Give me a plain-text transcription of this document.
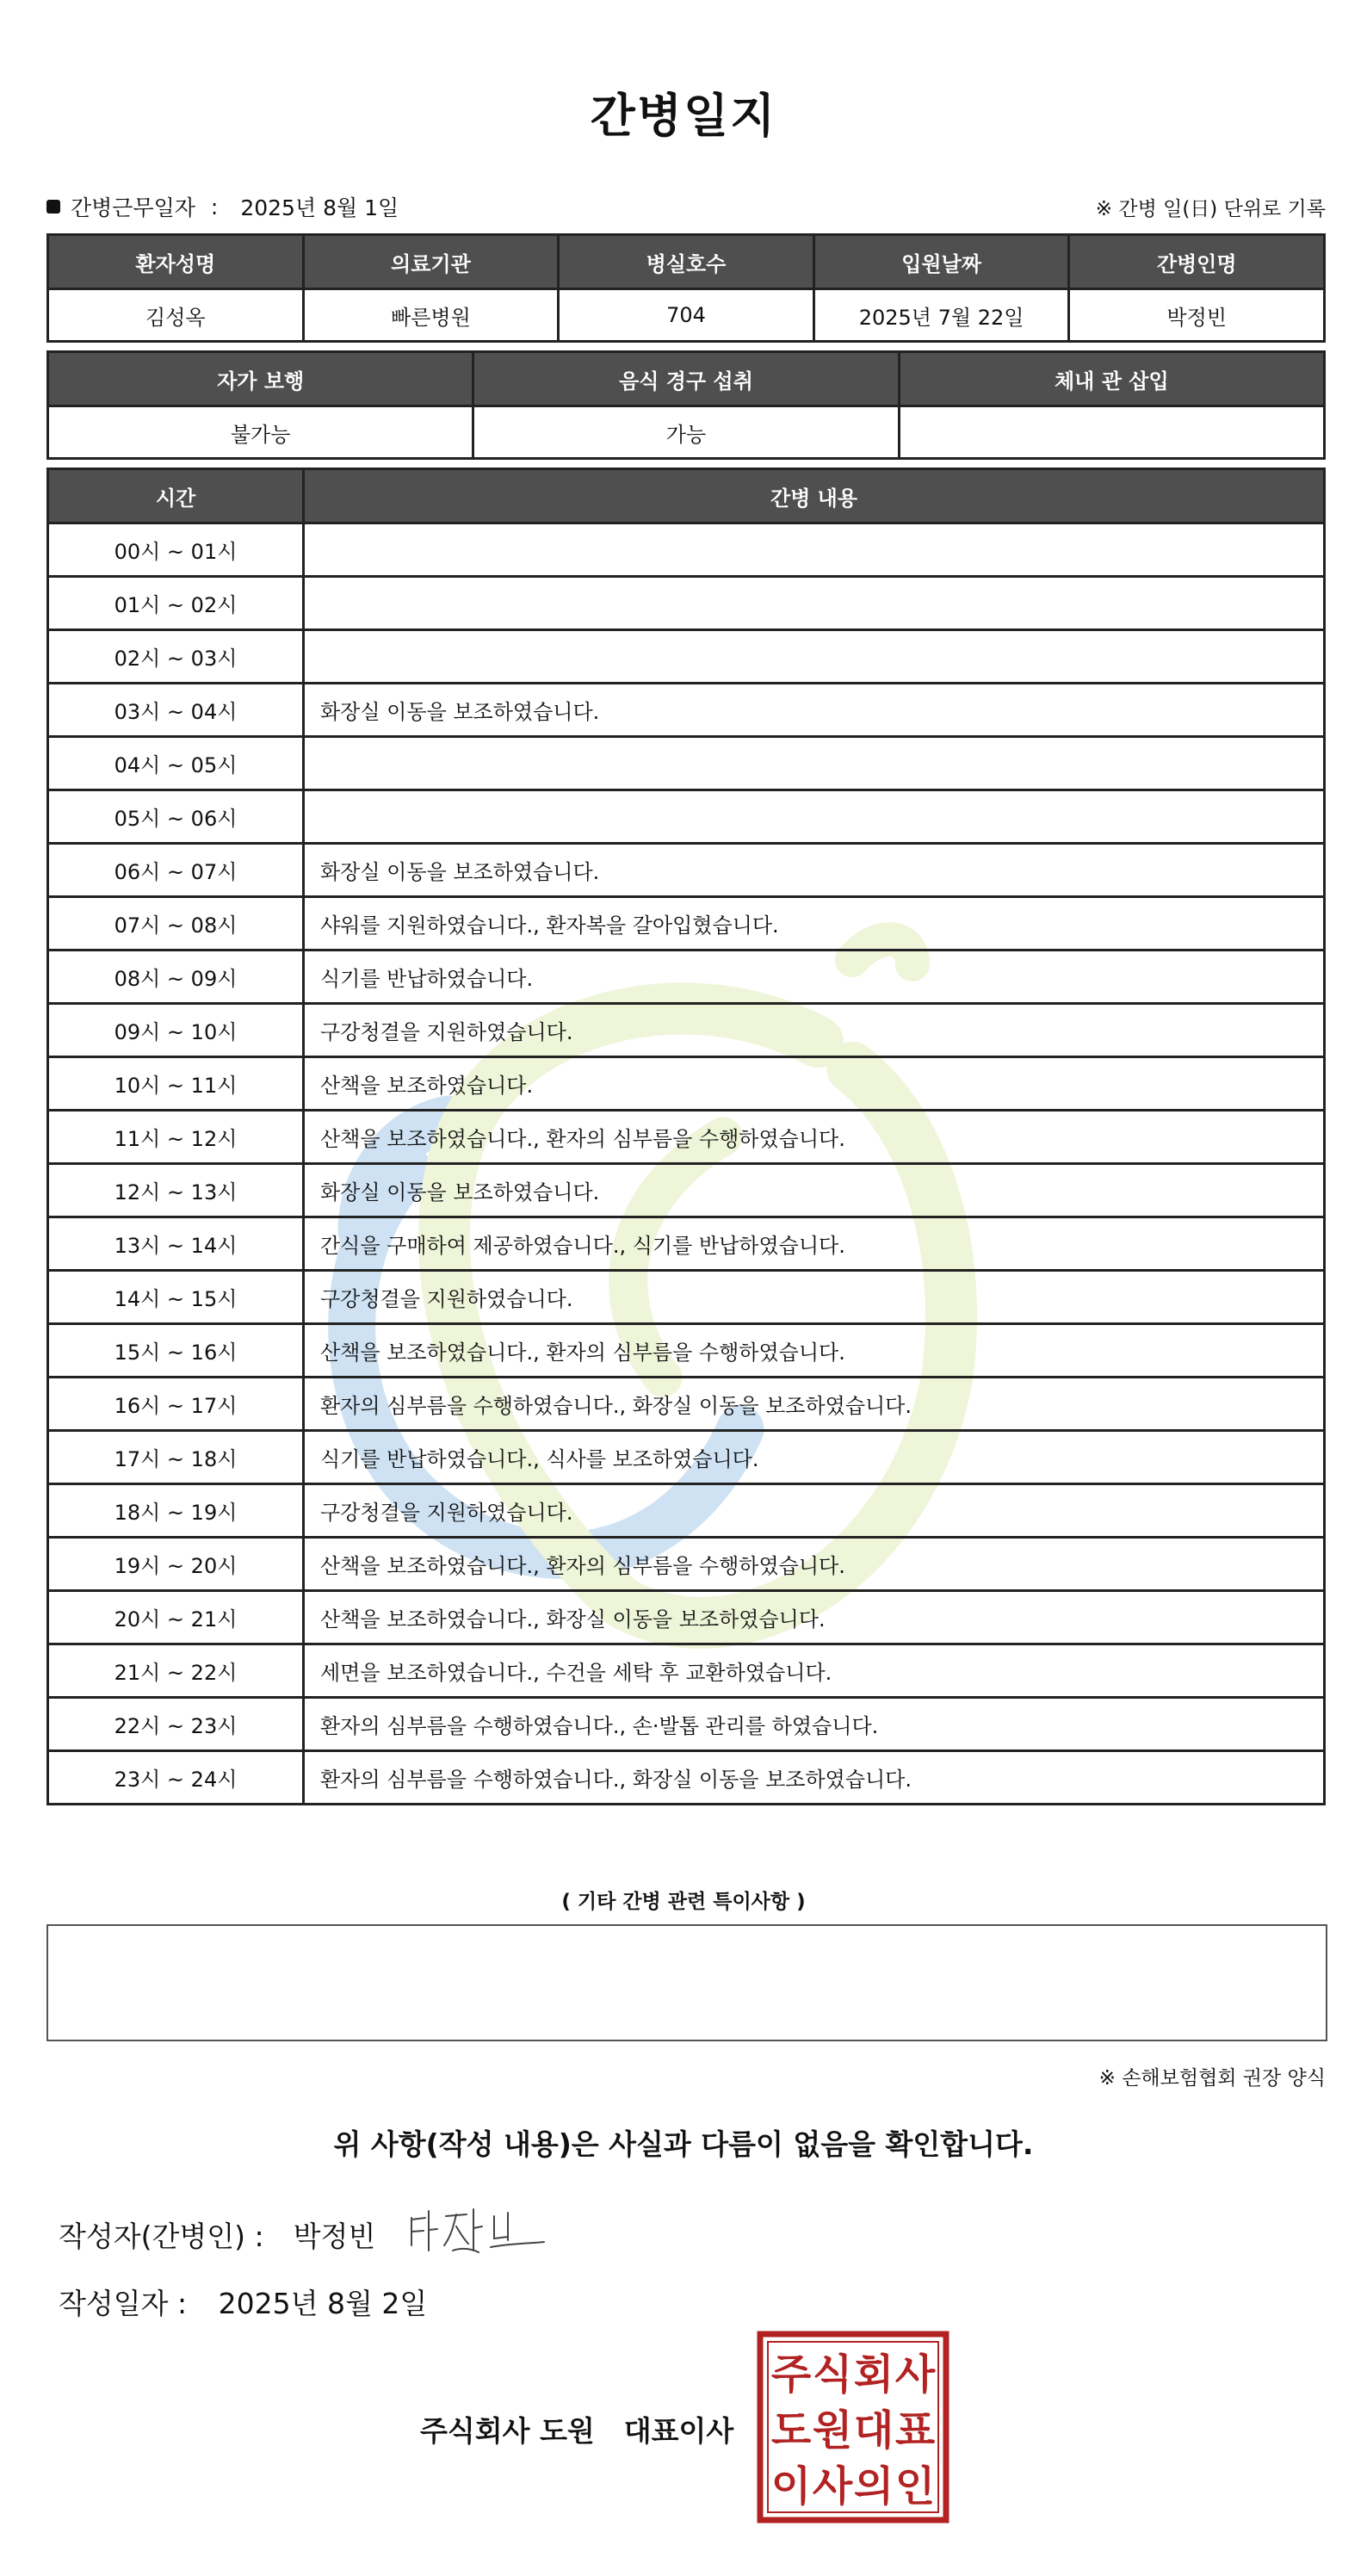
간병일지
간병근무일자 : 2025년 8월 1일	※ 간병 일(日) 단위로 기록
환자성명	의료기관	병실호수	입원날짜	간병인명
김성옥	빠른병원	704	2025년 7월 22일	박정빈
자가 보행	음식 경구 섭취	체내 관 삽입
불가능	가능	
시간	간병 내용
00시 ~ 01시	
01시 ~ 02시	
02시 ~ 03시	
03시 ~ 04시	화장실 이동을 보조하였습니다.
04시 ~ 05시	
05시 ~ 06시	
06시 ~ 07시	화장실 이동을 보조하였습니다.
07시 ~ 08시	샤워를 지원하였습니다., 환자복을 갈아입혔습니다.
08시 ~ 09시	식기를 반납하였습니다.
09시 ~ 10시	구강청결을 지원하였습니다.
10시 ~ 11시	산책을 보조하였습니다.
11시 ~ 12시	산책을 보조하였습니다., 환자의 심부름을 수행하였습니다.
12시 ~ 13시	화장실 이동을 보조하였습니다.
13시 ~ 14시	간식을 구매하여 제공하였습니다., 식기를 반납하였습니다.
14시 ~ 15시	구강청결을 지원하였습니다.
15시 ~ 16시	산책을 보조하였습니다., 환자의 심부름을 수행하였습니다.
16시 ~ 17시	환자의 심부름을 수행하였습니다., 화장실 이동을 보조하였습니다.
17시 ~ 18시	식기를 반납하였습니다., 식사를 보조하였습니다.
18시 ~ 19시	구강청결을 지원하였습니다.
19시 ~ 20시	산책을 보조하였습니다., 환자의 심부름을 수행하였습니다.
20시 ~ 21시	산책을 보조하였습니다., 화장실 이동을 보조하였습니다.
21시 ~ 22시	세면을 보조하였습니다., 수건을 세탁 후 교환하였습니다.
22시 ~ 23시	환자의 심부름을 수행하였습니다., 손·발톱 관리를 하였습니다.
23시 ~ 24시	환자의 심부름을 수행하였습니다., 화장실 이동을 보조하였습니다.
( 기타 간병 관련 특이사항 )
※ 손해보험협회 권장 양식
위 사항(작성 내용)은 사실과 다름이 없음을 확인합니다.
작성자(간병인) : 박정빈
작성일자 : 2025년 8월 2일
주식회사 도원 대표이사
주 식 회 사
도 원 대 표
이 사 의 인
